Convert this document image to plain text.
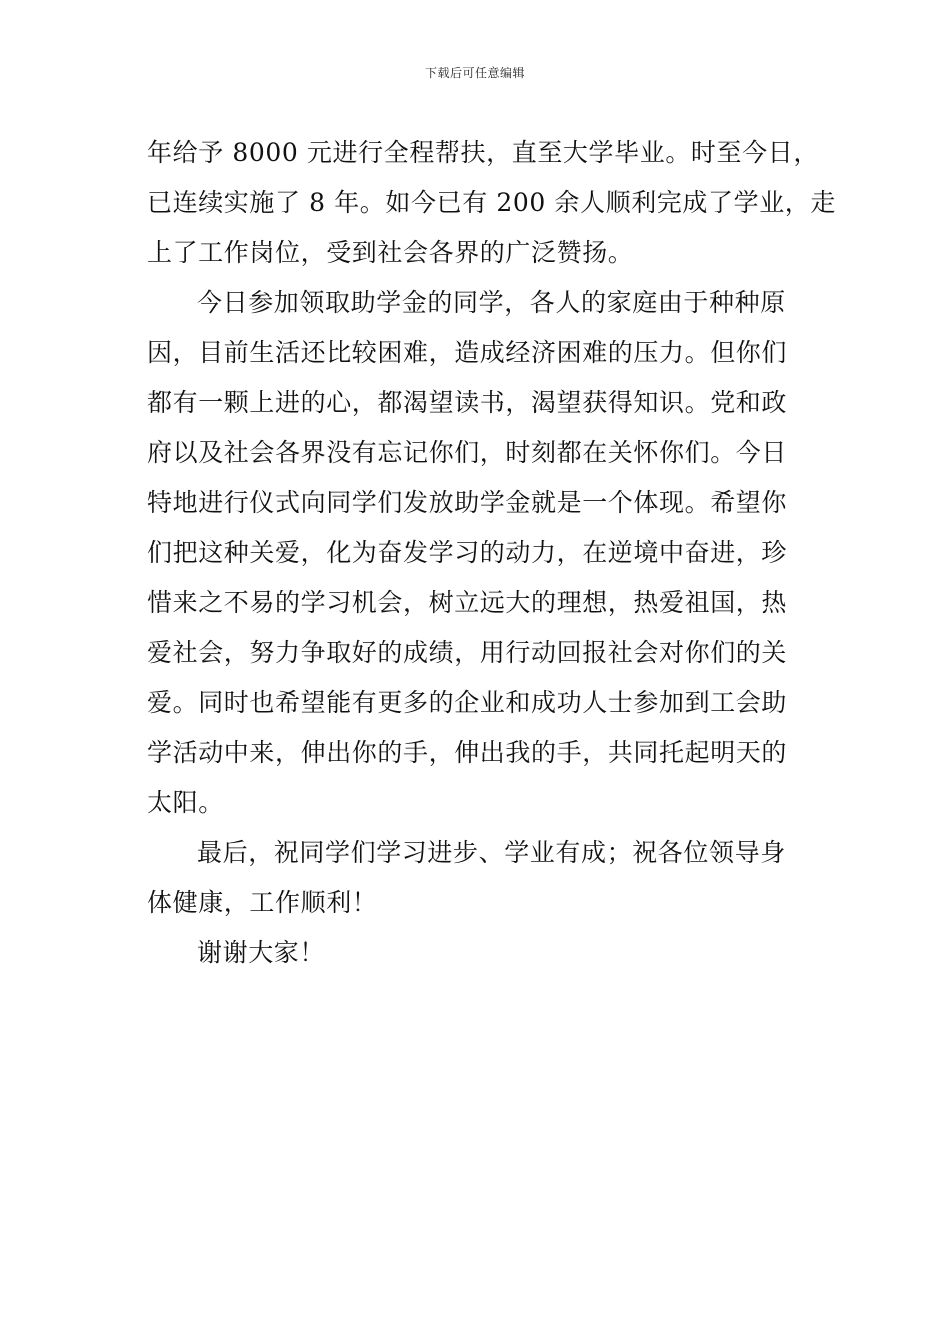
下载后可任意编辑
年给予 8000 元进行全程帮扶，直至大学毕业。时至今日，
已连续实施了 8 年。如今已有 200 余人顺利完成了学业，走
上了工作岗位，受到社会各界的广泛赞扬。
今日参加领取助学金的同学，各人的家庭由于种种原
因，目前生活还比较困难，造成经济困难的压力。但你们
都有一颗上进的心，都渴望读书，渴望获得知识。党和政
府以及社会各界没有忘记你们，时刻都在关怀你们。今日
特地进行仪式向同学们发放助学金就是一个体现。希望你
们把这种关爱，化为奋发学习的动力，在逆境中奋进，珍
惜来之不易的学习机会，树立远大的理想，热爱祖国，热
爱社会，努力争取好的成绩，用行动回报社会对你们的关
爱。同时也希望能有更多的企业和成功人士参加到工会助
学活动中来，伸出你的手，伸出我的手，共同托起明天的
太阳。
最后，祝同学们学习进步、学业有成；祝各位领导身
体健康，工作顺利！
谢谢大家！
